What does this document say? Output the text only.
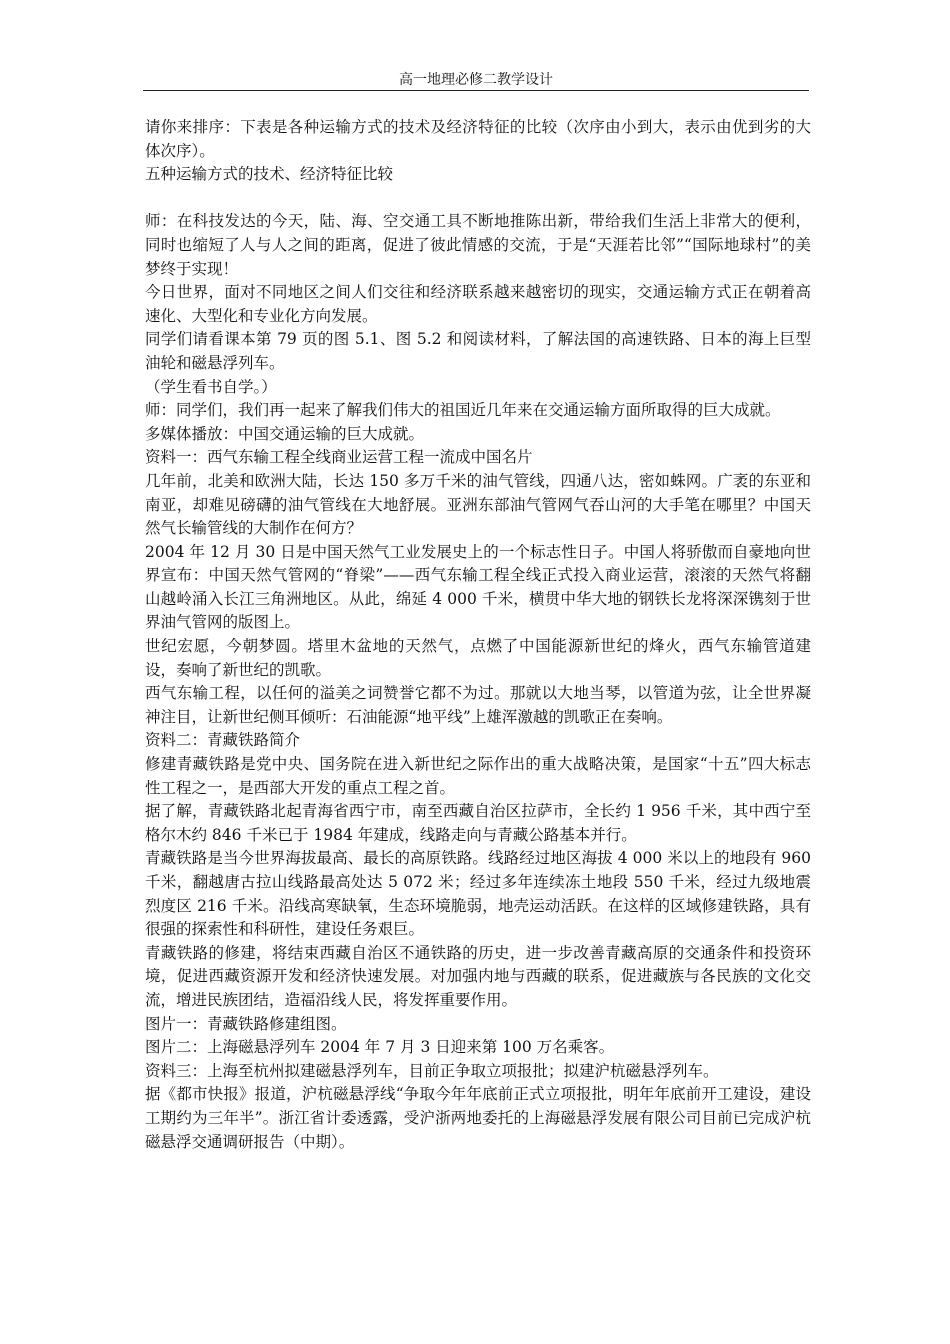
高一地理必修二教学设计

请你来排序：下表是各种运输方式的技术及经济特征的比较（次序由小到大，表示由优到劣的大体次序）。

五种运输方式的技术、经济特征比较

师：在科技发达的今天，陆、海、空交通工具不断地推陈出新，带给我们生活上非常大的便利，同时也缩短了人与人之间的距离，促进了彼此情感的交流，于是“天涯若比邻”“国际地球村”的美梦终于实现！

今日世界，面对不同地区之间人们交往和经济联系越来越密切的现实，交通运输方式正在朝着高速化、大型化和专业化方向发展。

同学们请看课本第 79 页的图 5.1、图 5.2 和阅读材料，了解法国的高速铁路、日本的海上巨型油轮和磁悬浮列车。

（学生看书自学。）

师：同学们，我们再一起来了解我们伟大的祖国近几年来在交通运输方面所取得的巨大成就。

多媒体播放：中国交通运输的巨大成就。

资料一：西气东输工程全线商业运营工程一流成中国名片

几年前，北美和欧洲大陆，长达 150 多万千米的油气管线，四通八达，密如蛛网。广袤的东亚和南亚，却难见磅礴的油气管线在大地舒展。亚洲东部油气管网气吞山河的大手笔在哪里？中国天然气长输管线的大制作在何方？

2004 年 12 月 30 日是中国天然气工业发展史上的一个标志性日子。中国人将骄傲而自豪地向世界宣布：中国天然气管网的“脊梁”——西气东输工程全线正式投入商业运营，滚滚的天然气将翻山越岭涌入长江三角洲地区。从此，绵延 4 000 千米，横贯中华大地的钢铁长龙将深深镌刻于世界油气管网的版图上。

世纪宏愿，今朝梦圆。塔里木盆地的天然气，点燃了中国能源新世纪的烽火，西气东输管道建设，奏响了新世纪的凯歌。

西气东输工程，以任何的溢美之词赞誉它都不为过。那就以大地当琴，以管道为弦，让全世界凝神注目，让新世纪侧耳倾听：石油能源“地平线”上雄浑激越的凯歌正在奏响。

资料二：青藏铁路简介

修建青藏铁路是党中央、国务院在进入新世纪之际作出的重大战略决策，是国家“十五”四大标志性工程之一，是西部大开发的重点工程之首。

据了解，青藏铁路北起青海省西宁市，南至西藏自治区拉萨市，全长约 1 956 千米，其中西宁至格尔木约 846 千米已于 1984 年建成，线路走向与青藏公路基本并行。

青藏铁路是当今世界海拔最高、最长的高原铁路。线路经过地区海拔 4 000 米以上的地段有 960 千米，翻越唐古拉山线路最高处达 5 072 米；经过多年连续冻土地段 550 千米，经过九级地震烈度区 216 千米。沿线高寒缺氧，生态环境脆弱，地壳运动活跃。在这样的区域修建铁路，具有很强的探索性和科研性，建设任务艰巨。

青藏铁路的修建，将结束西藏自治区不通铁路的历史，进一步改善青藏高原的交通条件和投资环境，促进西藏资源开发和经济快速发展。对加强内地与西藏的联系，促进藏族与各民族的文化交流，增进民族团结，造福沿线人民，将发挥重要作用。

图片一：青藏铁路修建组图。

图片二：上海磁悬浮列车 2004 年 7 月 3 日迎来第 100 万名乘客。

资料三：上海至杭州拟建磁悬浮列车，目前正争取立项报批；拟建沪杭磁悬浮列车。

据《都市快报》报道，沪杭磁悬浮线“争取今年年底前正式立项报批，明年年底前开工建设，建设工期约为三年半”。浙江省计委透露，受沪浙两地委托的上海磁悬浮发展有限公司目前已完成沪杭磁悬浮交通调研报告（中期）。
